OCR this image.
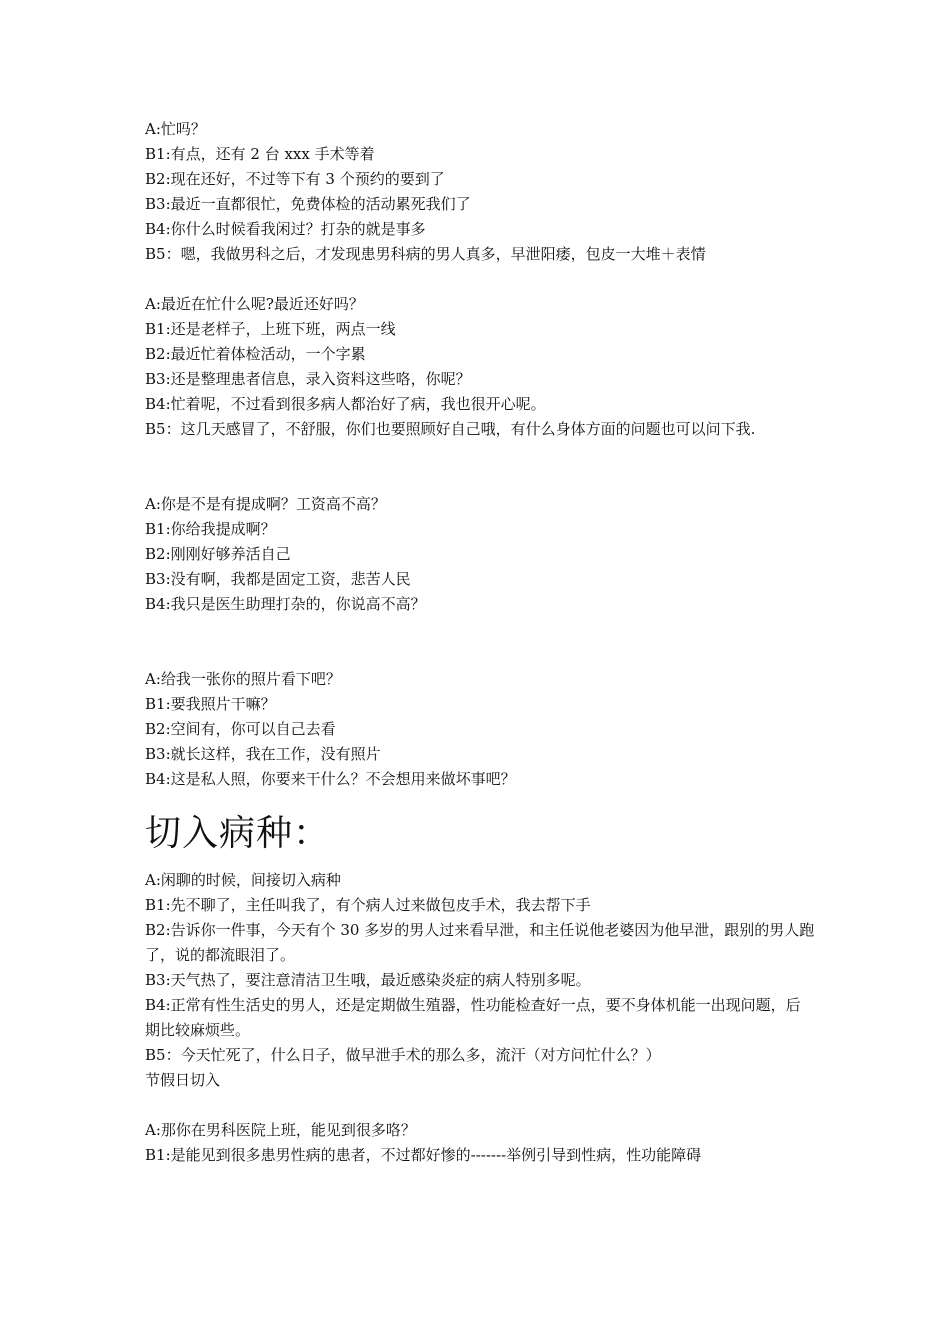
A:忙吗？

B1:有点，还有 2 台 xxx 手术等着

B2:现在还好，不过等下有 3 个预约的要到了

B3:最近一直都很忙，免费体检的活动累死我们了

B4:你什么时候看我闲过？打杂的就是事多

B5：嗯，我做男科之后，才发现患男科病的男人真多，早泄阳痿，包皮一大堆＋表情

A:最近在忙什么呢?最近还好吗？

B1:还是老样子，上班下班，两点一线

B2:最近忙着体检活动，一个字累

B3:还是整理患者信息，录入资料这些咯，你呢？

B4:忙着呢，不过看到很多病人都治好了病，我也很开心呢。

B5：这几天感冒了，不舒服，你们也要照顾好自己哦，有什么身体方面的问题也可以问下我.

A:你是不是有提成啊？工资高不高？

B1:你给我提成啊？

B2:刚刚好够养活自己

B3:没有啊，我都是固定工资，悲苦人民

B4:我只是医生助理打杂的，你说高不高？

A:给我一张你的照片看下吧？

B1:要我照片干嘛？

B2:空间有，你可以自己去看

B3:就长这样，我在工作，没有照片

B4:这是私人照，你要来干什么？不会想用来做坏事吧？

切入病种：

A:闲聊的时候，间接切入病种

B1:先不聊了，主任叫我了，有个病人过来做包皮手术，我去帮下手

B2:告诉你一件事，今天有个 30 多岁的男人过来看早泄，和主任说他老婆因为他早泄，跟别的男人跑了，说的都流眼泪了。

B3:天气热了，要注意清洁卫生哦，最近感染炎症的病人特别多呢。

B4:正常有性生活史的男人，还是定期做生殖器，性功能检查好一点，要不身体机能一出现问题，后期比较麻烦些。

B5：今天忙死了，什么日子，做早泄手术的那么多，流汗（对方问忙什么？）

节假日切入

A:那你在男科医院上班，能见到很多咯？

B1:是能见到很多患男性病的患者，不过都好惨的-------举例引导到性病，性功能障碍
